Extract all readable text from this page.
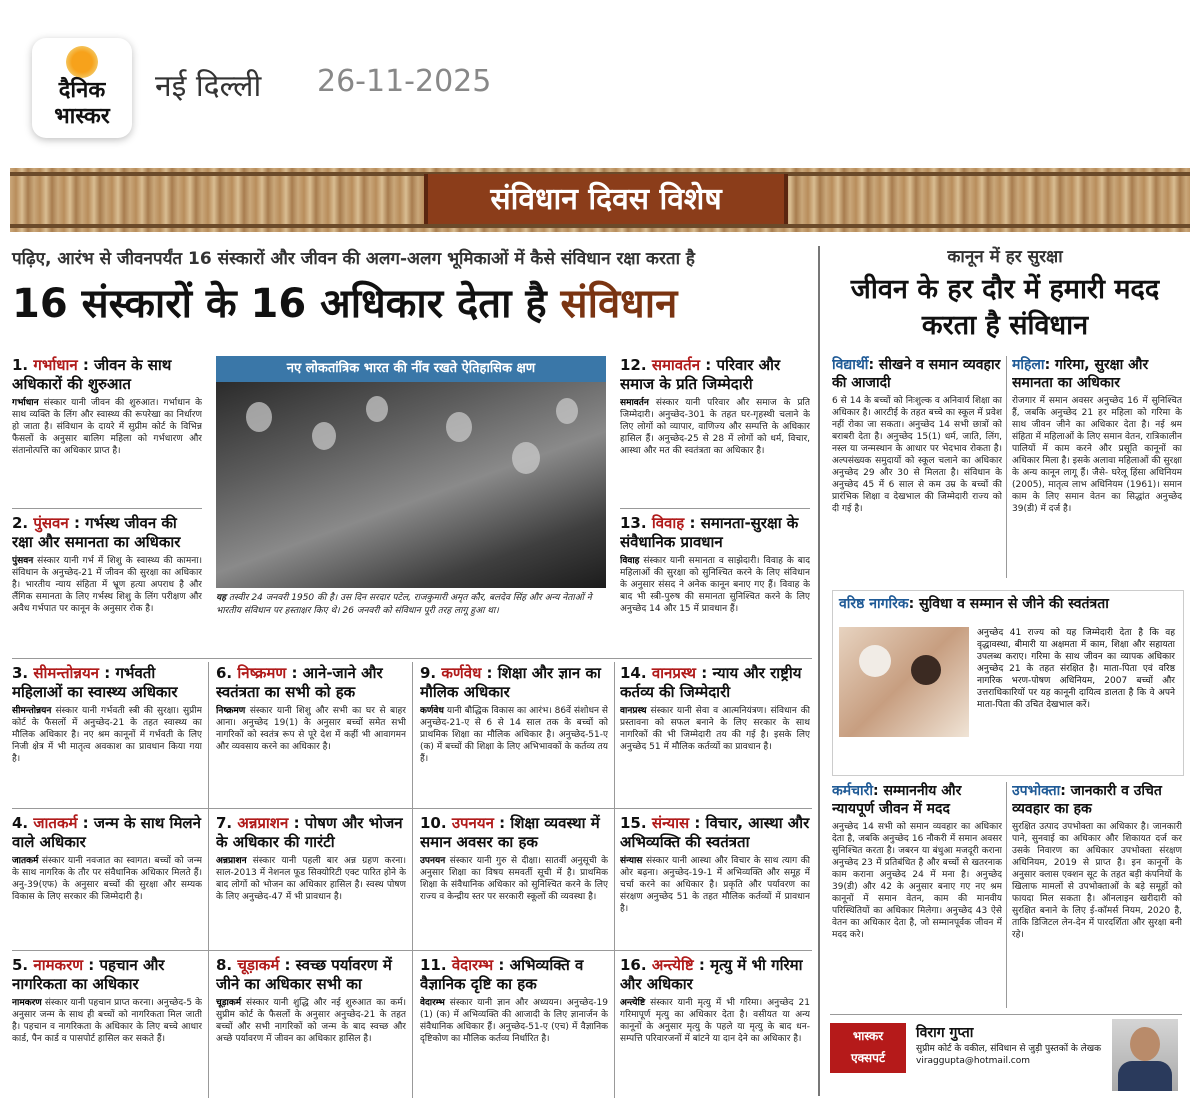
दैनिक
भास्कर
नई दिल्ली 26-11-2025
संविधान दिवस विशेष
पढ़िए, आरंभ से जीवनपर्यंत 16 संस्कारों और जीवन की अलग-अलग भूमिकाओं में कैसे संविधान रक्षा करता है
16 संस्कारों के 16 अधिकार देता है संविधान
नए लोकतांत्रिक भारत की नींव रखते ऐतिहासिक क्षण
यह तस्वीर 24 जनवरी 1950 की है। उस दिन सरदार पटेल, राजकुमारी अमृत कौर, बलदेव सिंह और अन्य नेताओं ने भारतीय संविधान पर हस्ताक्षर किए थे। 26 जनवरी को संविधान पूरी तरह लागू हुआ था।
1. गर्भाधान : जीवन के साथ अधिकारों की शुरुआत

गर्भाधान संस्कार यानी जीवन की शुरुआत। गर्भाधान के साथ व्यक्ति के लिंग और स्वास्थ्य की रूपरेखा का निर्धारण हो जाता है। संविधान के दायरे में सुप्रीम कोर्ट के विभिन्न फैसलों के अनुसार बालिग महिला को गर्भधारण और संतानोत्पत्ति का अधिकार प्राप्त है।

2. पुंसवन : गर्भस्थ जीवन की रक्षा और समानता का अधिकार

पुंसवन संस्कार यानी गर्भ में शिशु के स्वास्थ्य की कामना। संविधान के अनुच्छेद-21 में जीवन की सुरक्षा का अधिकार है। भारतीय न्याय संहिता में भ्रूण हत्या अपराध है और लैंगिक समानता के लिए गर्भस्थ शिशु के लिंग परीक्षण और अवैध गर्भपात पर कानून के अनुसार रोक है।

12. समावर्तन : परिवार और समाज के प्रति जिम्मेदारी

समावर्तन संस्कार यानी परिवार और समाज के प्रति जिम्मेदारी। अनुच्छेद-301 के तहत घर-गृहस्थी चलाने के लिए लोगों को व्यापार, वाणिज्य और सम्पत्ति के अधिकार हासिल हैं। अनुच्छेद-25 से 28 में लोगों को धर्म, विचार, आस्था और मत की स्वतंत्रता का अधिकार है।

13. विवाह : समानता-सुरक्षा के संवैधानिक प्रावधान

विवाह संस्कार यानी समानता व साझेदारी। विवाह के बाद महिलाओं की सुरक्षा को सुनिश्चित करने के लिए संविधान के अनुसार संसद ने अनेक कानून बनाए गए हैं। विवाह के बाद भी स्त्री-पुरुष की समानता सुनिश्चित करने के लिए अनुच्छेद 14 और 15 में प्रावधान हैं।

3. सीमन्तोन्नयन : गर्भवती महिलाओं का स्वास्थ्य अधिकार

सीमन्तोन्नयन संस्कार यानी गर्भवती स्त्री की सुरक्षा। सुप्रीम कोर्ट के फैसलों में अनुच्छेद-21 के तहत स्वास्थ्य का मौलिक अधिकार है। नए श्रम कानूनों में गर्भवती के लिए निजी क्षेत्र में भी मातृत्व अवकाश का प्रावधान किया गया है।

6. निष्क्रमण : आने-जाने और स्वतंत्रता का सभी को हक

निष्क्रमण संस्कार यानी शिशु और सभी का घर से बाहर आना। अनुच्छेद 19(1) के अनुसार बच्चों समेत सभी नागरिकों को स्वतंत्र रूप से पूरे देश में कहीं भी आवागमन और व्यवसाय करने का अधिकार है।

9. कर्णवेध : शिक्षा और ज्ञान का मौलिक अधिकार

कर्णवेध यानी बौद्धिक विकास का आरंभ। 86वें संशोधन से अनुच्छेद-21-ए से 6 से 14 साल तक के बच्चों को प्राथमिक शिक्षा का मौलिक अधिकार है। अनुच्छेद-51-ए (क) में बच्चों की शिक्षा के लिए अभिभावकों के कर्तव्य तय हैं।

14. वानप्रस्थ : न्याय और राष्ट्रीय कर्तव्य की जिम्मेदारी

वानप्रस्थ संस्कार यानी सेवा व आत्मनियंत्रण। संविधान की प्रस्तावना को सफल बनाने के लिए सरकार के साथ नागरिकों की भी जिम्मेदारी तय की गई है। इसके लिए अनुच्छेद 51 में मौलिक कर्तव्यों का प्रावधान है।

4. जातकर्म : जन्म के साथ मिलने वाले अधिकार

जातकर्म संस्कार यानी नवजात का स्वागत। बच्चों को जन्म के साथ नागरिक के तौर पर संवैधानिक अधिकार मिलते हैं। अनु-39(एफ) के अनुसार बच्चों की सुरक्षा और सम्यक विकास के लिए सरकार की जिम्मेदारी है।

7. अन्नप्राशन : पोषण और भोजन के अधिकार की गारंटी

अन्नप्राशन संस्कार यानी पहली बार अन्न ग्रहण करना। साल-2013 में नेशनल फूड सिक्योरिटी एक्ट पारित होने के बाद लोगों को भोजन का अधिकार हासिल है। स्वस्थ पोषण के लिए अनुच्छेद-47 में भी प्रावधान है।

10. उपनयन : शिक्षा व्यवस्था में समान अवसर का हक

उपनयन संस्कार यानी गुरु से दीक्षा। सातवीं अनुसूची के अनुसार शिक्षा का विषय समवर्ती सूची में है। प्राथमिक शिक्षा के संवैधानिक अधिकार को सुनिश्चित करने के लिए राज्य व केन्द्रीय स्तर पर सरकारी स्कूलों की व्यवस्था है।

15. संन्यास : विचार, आस्था और अभिव्यक्ति की स्वतंत्रता

संन्यास संस्कार यानी आस्था और विचार के साथ त्याग की ओर बढ़ना। अनुच्छेद-19-1 में अभिव्यक्ति और समूह में चर्चा करने का अधिकार है। प्रकृति और पर्यावरण का संरक्षण अनुच्छेद 51 के तहत मौलिक कर्तव्यों में प्रावधान है।

5. नामकरण : पहचान और नागरिकता का अधिकार

नामकरण संस्कार यानी पहचान प्राप्त करना। अनुच्छेद-5 के अनुसार जन्म के साथ ही बच्चों को नागरिकता मिल जाती है। पहचान व नागरिकता के अधिकार के लिए बच्चे आधार कार्ड, पैन कार्ड व पासपोर्ट हासिल कर सकते हैं।

8. चूड़ाकर्म : स्वच्छ पर्यावरण में जीने का अधिकार सभी का

चूड़ाकर्म संस्कार यानी शुद्धि और नई शुरुआत का कर्म। सुप्रीम कोर्ट के फैसलों के अनुसार अनुच्छेद-21 के तहत बच्चों और सभी नागरिकों को जन्म के बाद स्वच्छ और अच्छे पर्यावरण में जीवन का अधिकार हासिल है।

11. वेदारम्भ : अभिव्यक्ति व वैज्ञानिक दृष्टि का हक

वेदारम्भ संस्कार यानी ज्ञान और अध्ययन। अनुच्छेद-19 (1) (क) में अभिव्यक्ति की आजादी के लिए ज्ञानार्जन के संवैधानिक अधिकार हैं। अनुच्छेद-51-ए (एच) में वैज्ञानिक दृष्टिकोण का मौलिक कर्तव्य निर्धारित है।

16. अन्त्येष्टि : मृत्यु में भी गरिमा और अधिकार

अन्त्येष्टि संस्कार यानी मृत्यु में भी गरिमा। अनुच्छेद 21 गरिमापूर्ण मृत्यु का अधिकार देता है। वसीयत या अन्य कानूनों के अनुसार मृत्यु के पहले या मृत्यु के बाद धन-सम्पत्ति परिवारजनों में बांटने या दान देने का अधिकार है।

कानून में हर सुरक्षा
जीवन के हर दौर में हमारी मदद करता है संविधान
विद्यार्थी: सीखने व समान व्यवहार की आजादी

6 से 14 के बच्चों को निःशुल्क व अनिवार्य शिक्षा का अधिकार है। आरटीई के तहत बच्चे का स्कूल में प्रवेश नहीं रोका जा सकता। अनुच्छेद 14 सभी छात्रों को बराबरी देता है। अनुच्छेद 15(1) धर्म, जाति, लिंग, नस्ल या जन्मस्थान के आधार पर भेदभाव रोकता है। अल्पसंख्यक समुदायों को स्कूल चलाने का अधिकार अनुच्छेद 29 और 30 से मिलता है। संविधान के अनुच्छेद 45 में 6 साल से कम उम्र के बच्चों की प्रारंभिक शिक्षा व देखभाल की जिम्मेदारी राज्य को दी गई है।

महिला: गरिमा, सुरक्षा और समानता का अधिकार

रोजगार में समान अवसर अनुच्छेद 16 में सुनिश्चित हैं, जबकि अनुच्छेद 21 हर महिला को गरिमा के साथ जीवन जीने का अधिकार देता है। नई श्रम संहिता में महिलाओं के लिए समान वेतन, रात्रिकालीन पालियों में काम करने और प्रसूति कानूनों का अधिकार मिला है। इसके अलावा महिलाओं की सुरक्षा के अन्य कानून लागू हैं। जैसे- घरेलू हिंसा अधिनियम (2005), मातृत्व लाभ अधिनियम (1961)। समान काम के लिए समान वेतन का सिद्धांत अनुच्छेद 39(डी) में दर्ज है।

वरिष्ठ नागरिक: सुविधा व सम्मान से जीने की स्वतंत्रता

अनुच्छेद 41 राज्य को यह जिम्मेदारी देता है कि वह वृद्धावस्था, बीमारी या अक्षमता में काम, शिक्षा और सहायता उपलब्ध कराए। गरिमा के साथ जीवन का व्यापक अधिकार अनुच्छेद 21 के तहत संरक्षित है। माता-पिता एवं वरिष्ठ नागरिक भरण-पोषण अधिनियम, 2007 बच्चों और उत्तराधिकारियों पर यह कानूनी दायित्व डालता है कि वे अपने माता-पिता की उचित देखभाल करें।

कर्मचारी: सम्माननीय और न्यायपूर्ण जीवन में मदद

अनुच्छेद 14 सभी को समान व्यवहार का अधिकार देता है, जबकि अनुच्छेद 16 नौकरी में समान अवसर सुनिश्चित करता है। जबरन या बंधुआ मजदूरी कराना अनुच्छेद 23 में प्रतिबंधित है और बच्चों से खतरनाक काम कराना अनुच्छेद 24 में मना है। अनुच्छेद 39(डी) और 42 के अनुसार बनाए गए नए श्रम कानूनों में समान वेतन, काम की मानवीय परिस्थितियों का अधिकार मिलेगा। अनुच्छेद 43 ऐसे वेतन का अधिकार देता है, जो सम्मानपूर्वक जीवन में मदद करे।

उपभोक्ता: जानकारी व उचित व्यवहार का हक

सुरक्षित उत्पाद उपभोक्ता का अधिकार है। जानकारी पाने, सुनवाई का अधिकार और शिकायत दर्ज कर उसके निवारण का अधिकार उपभोक्ता संरक्षण अधिनियम, 2019 से प्राप्त है। इन कानूनों के अनुसार क्लास एक्शन सूट के तहत बड़ी कंपनियों के खिलाफ मामलों से उपभोक्ताओं के बड़े समूहों को फायदा मिल सकता है। ऑनलाइन खरीदारी को सुरक्षित बनाने के लिए ई-कॉमर्स नियम, 2020 है, ताकि डिजिटल लेन-देन में पारदर्शिता और सुरक्षा बनी रहे।

भास्कर
एक्सपर्ट
विराग गुप्ता
सुप्रीम कोर्ट के वकील, संविधान से जुड़ी पुस्तकों के लेखक viraggupta@hotmail.com
